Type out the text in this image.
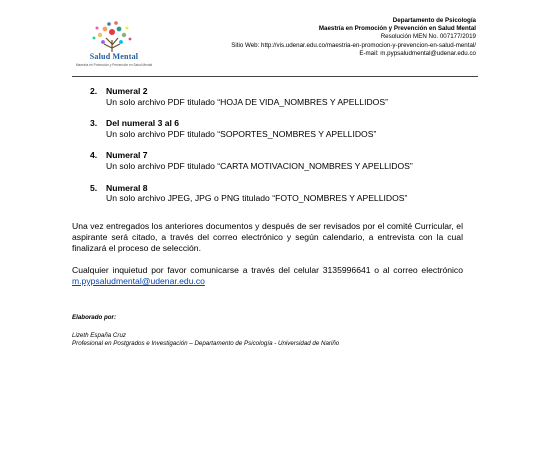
Salud Mental
Maestría en Promoción y Prevención en Salud Mental
Departamento de Psicología
Maestría en Promoción y Prevención en Salud Mental
Resolución MEN No. 007177/2019
Sitio Web: http://vis.udenar.edu.co/maestria-en-promocion-y-prevencion-en-salud-mental/
E-mail: m.pypsaludmental@udenar.edu.co
2. Numeral 2
Un solo archivo PDF titulado “HOJA DE VIDA_NOMBRES Y APELLIDOS”
3. Del numeral 3 al 6
Un solo archivo PDF titulado “SOPORTES_NOMBRES Y APELLIDOS”
4. Numeral 7
Un solo archivo PDF titulado “CARTA MOTIVACION_NOMBRES Y APELLIDOS”
5. Numeral 8
Un solo archivo JPEG, JPG o PNG titulado “FOTO_NOMBRES Y APELLIDOS”
Una vez entregados los anteriores documentos y después de ser revisados por el comité Curricular, el aspirante será citado, a través del correo electrónico y según calendario, a entrevista con la cual finalizará el proceso de selección.
Cualquier inquietud por favor comunicarse a través del celular 3135996641 o al correo electrónico m.pypsaludmental@udenar.edu.co
Elaborado por:
Lizeth España Cruz
Profesional en Postgrados e Investigación – Departamento de Psicología - Universidad de Nariño
